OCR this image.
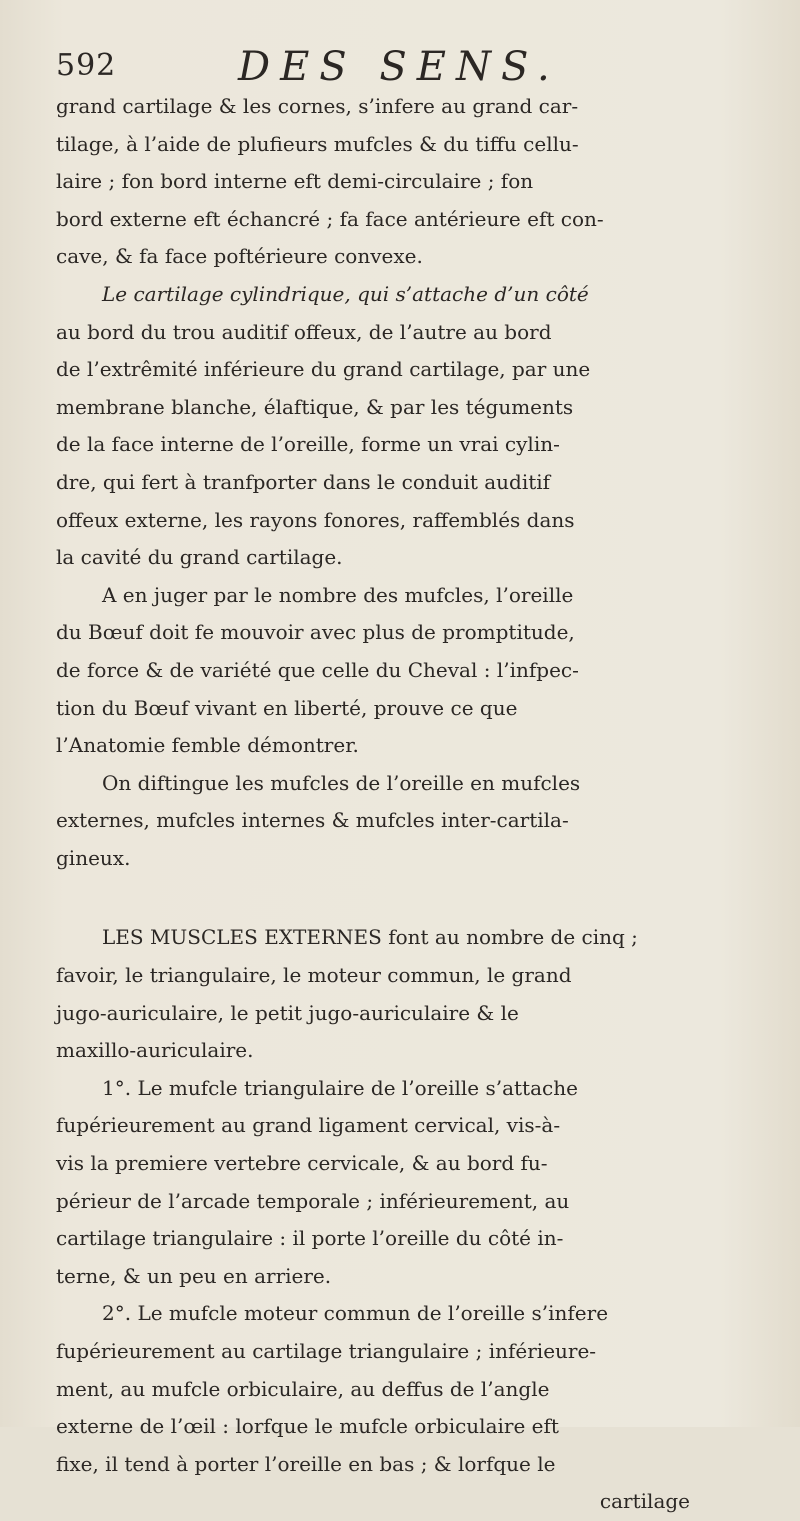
592	DES SENS.
grand cartilage & les cornes, s’infere au grand car-
tilage, à l’aide de plufieurs mufcles & du tiffu cellu-
laire ; fon bord interne eft demi-circulaire ; fon
bord externe eft échancré ; fa face antérieure eft con-
cave, & fa face poftérieure convexe.
Le cartilage cylindrique, qui s’attache d’un côté
au bord du trou auditif offeux, de l’autre au bord
de l’extrêmité inférieure du grand cartilage, par une
membrane blanche, élaftique, & par les téguments
de la face interne de l’oreille, forme un vrai cylin-
dre, qui fert à tranfporter dans le conduit auditif
offeux externe, les rayons fonores, raffemblés dans
la cavité du grand cartilage.
A en juger par le nombre des mufcles, l’oreille
du Bœuf doit fe mouvoir avec plus de promptitude,
de force & de variété que celle du Cheval : l’infpec-
tion du Bœuf vivant en liberté, prouve ce que
l’Anatomie femble démontrer.
On diftingue les mufcles de l’oreille en mufcles
externes, mufcles internes & mufcles inter-cartila-
gineux.
LES MUSCLES EXTERNES font au nombre de cinq ;
favoir, le triangulaire, le moteur commun, le grand
jugo-auriculaire, le petit jugo-auriculaire & le
maxillo-auriculaire.
1°. Le mufcle triangulaire de l’oreille s’attache
fupérieurement au grand ligament cervical, vis-à-
vis la premiere vertebre cervicale, & au bord fu-
périeur de l’arcade temporale ; inférieurement, au
cartilage triangulaire : il porte l’oreille du côté in-
terne, & un peu en arriere.
2°. Le mufcle moteur commun de l’oreille s’infere
fupérieurement au cartilage triangulaire ; inférieure-
ment, au mufcle orbiculaire, au deffus de l’angle
externe de l’œil : lorfque le mufcle orbiculaire eft
fixe, il tend à porter l’oreille en bas ; & lorfque le
cartilage
